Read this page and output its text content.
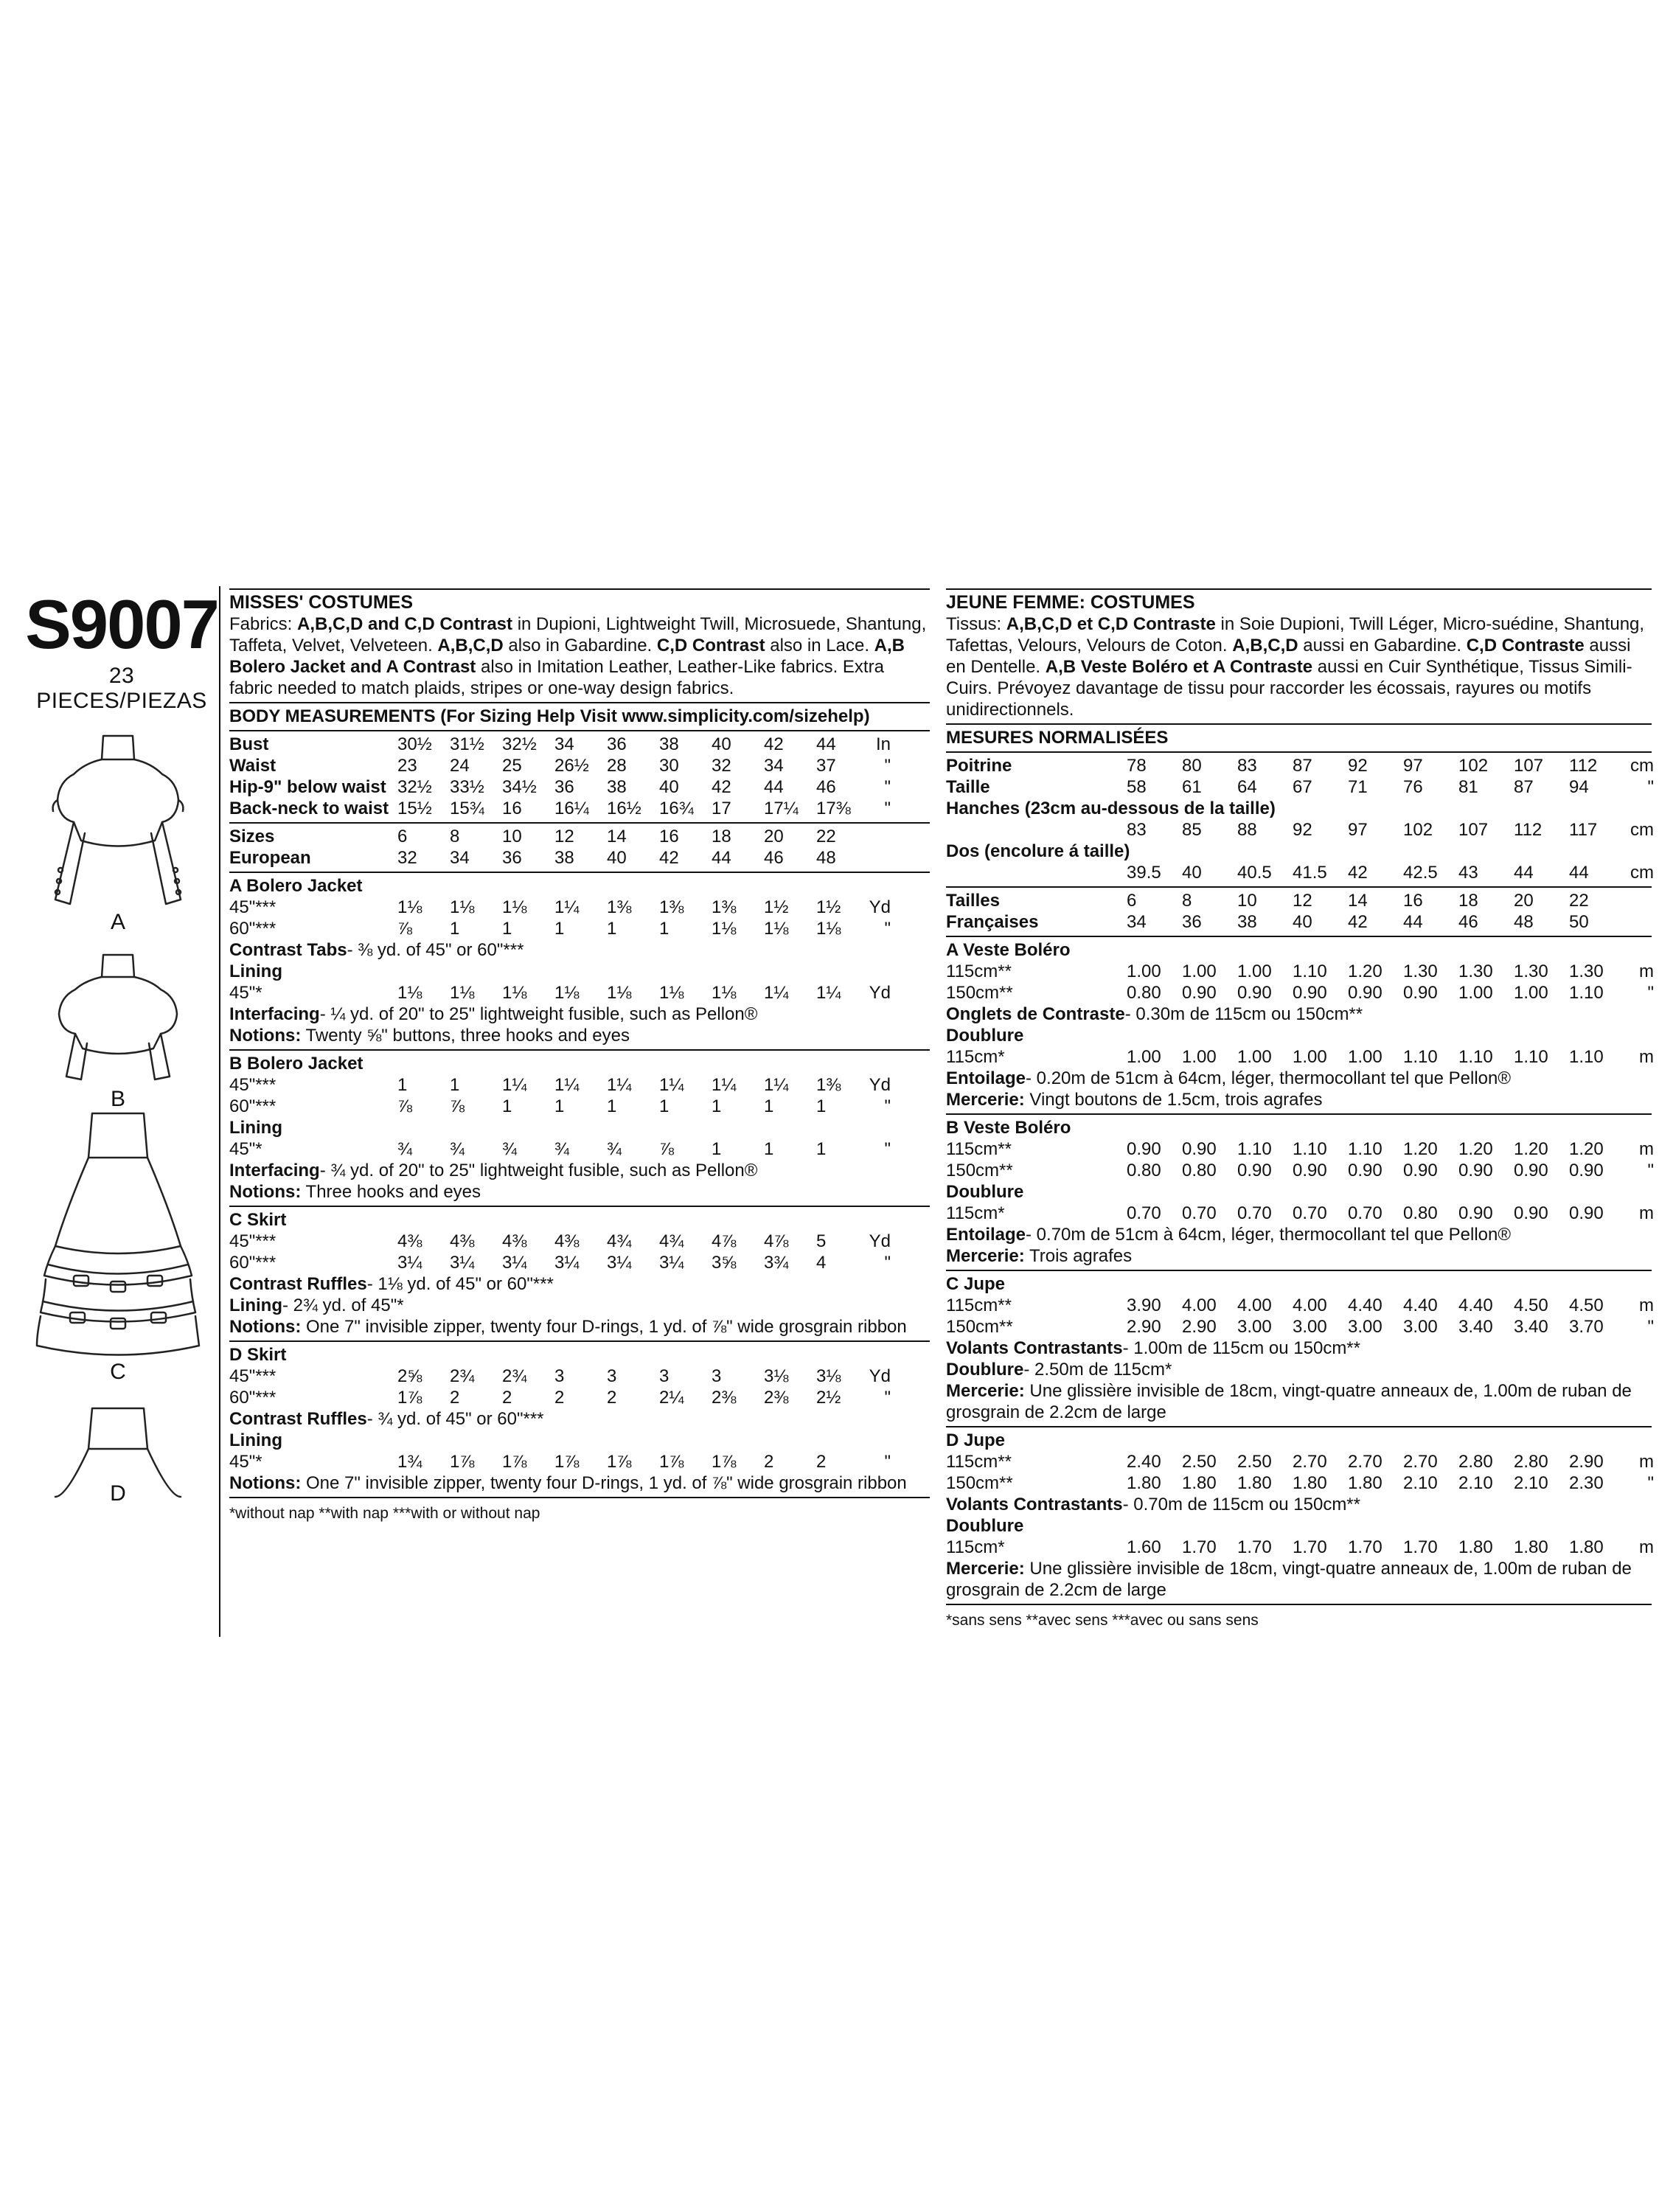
S9007
23 PIECES/PIEZAS
A
B
C
D
MISSES' COSTUMES
Fabrics: A,B,C,D and C,D Contrast in Dupioni, Lightweight Twill, Microsuede, Shantung, Taffeta, Velvet, Velveteen. A,B,C,D also in Gabardine. C,D Contrast also in Lace. A,B Bolero Jacket and A Contrast also in Imitation Leather, Leather-Like fabrics. Extra fabric needed to match plaids, stripes or one-way design fabrics.
BODY MEASUREMENTS (For Sizing Help Visit www.simplicity.com/sizehelp)
Bust	30½	31½	32½	34	36	38	40	42	44	In
Waist	23	24	25	26½	28	30	32	34	37	"
Hip-9" below waist 32½	33½	34½	36	38	40	42	44	46	"
Back-neck to waist 15½	15¾	16	16¼	16½	16¾	17	17¼	17⅜	"
Sizes	6	8	10	12	14	16	18	20	22
European	32	34	36	38	40	42	44	46	48
A Bolero Jacket
45"***	1⅛	1⅛	1⅛	1¼	1⅜	1⅜	1⅜	1½	1½	Yd
60"***	⅞	1	1	1	1	1	1⅛	1⅛	1⅛	"
Contrast Tabs- ⅜ yd. of 45" or 60"***
Lining
45"*	1⅛	1⅛	1⅛	1⅛	1⅛	1⅛	1⅛	1¼	1¼	Yd
Interfacing- ¼ yd. of 20" to 25" lightweight fusible, such as Pellon®
Notions: Twenty ⅝" buttons, three hooks and eyes
B Bolero Jacket
45"***	1	1	1¼	1¼	1¼	1¼	1¼	1¼	1⅜	Yd
60"***	⅞	⅞	1	1	1	1	1	1	1	"
Lining
45"*	¾	¾	¾	¾	¾	⅞	1	1	1	"
Interfacing- ¾ yd. of 20" to 25" lightweight fusible, such as Pellon®
Notions: Three hooks and eyes
C Skirt
45"***	4⅜	4⅜	4⅜	4⅜	4¾	4¾	4⅞	4⅞	5	Yd
60"***	3¼	3¼	3¼	3¼	3¼	3¼	3⅝	3¾	4	"
Contrast Ruffles- 1⅛ yd. of 45" or 60"***
Lining- 2¾ yd. of 45"*
Notions: One 7" invisible zipper, twenty four D-rings, 1 yd. of ⅞" wide grosgrain ribbon
D Skirt
45"***	2⅝	2¾	2¾	3	3	3	3	3⅛	3⅛	Yd
60"***	1⅞	2	2	2	2	2¼	2⅜	2⅜	2½	"
Contrast Ruffles- ¾ yd. of 45" or 60"***
Lining
45"*	1¾	1⅞	1⅞	1⅞	1⅞	1⅞	1⅞	2	2	"
Notions: One 7" invisible zipper, twenty four D-rings, 1 yd. of ⅞" wide grosgrain ribbon
*without nap **with nap ***with or without nap
JEUNE FEMME: COSTUMES
Tissus: A,B,C,D et C,D Contraste in Soie Dupioni, Twill Léger, Micro-suédine, Shantung, Tafettas, Velours, Velours de Coton. A,B,C,D aussi en Gabardine. C,D Contraste aussi en Dentelle. A,B Veste Boléro et A Contraste aussi en Cuir Synthétique, Tissus Simili-Cuirs. Prévoyez davantage de tissu pour raccorder les écossais, rayures ou motifs unidirectionnels.
MESURES NORMALISÉES
Poitrine	78	80	83	87	92	97	102	107	112	cm
Taille	58	61	64	67	71	76	81	87	94	"
Hanches (23cm au-dessous de la taille)
83	85	88	92	97	102	107	112	117	cm
Dos (encolure á taille)
39.5	40	40.5	41.5	42	42.5	43	44	44	cm
Tailles	6	8	10	12	14	16	18	20	22
Françaises	34	36	38	40	42	44	46	48	50
A Veste Boléro
115cm**	1.00	1.00	1.00	1.10	1.20	1.30	1.30	1.30	1.30	m
150cm**	0.80	0.90	0.90	0.90	0.90	0.90	1.00	1.00	1.10	"
Onglets de Contraste- 0.30m de 115cm ou 150cm**
Doublure
115cm*	1.00	1.00	1.00	1.00	1.00	1.10	1.10	1.10	1.10	m
Entoilage- 0.20m de 51cm à 64cm, léger, thermocollant tel que Pellon®
Mercerie: Vingt boutons de 1.5cm, trois agrafes
B Veste Boléro
115cm**	0.90	0.90	1.10	1.10	1.10	1.20	1.20	1.20	1.20	m
150cm**	0.80	0.80	0.90	0.90	0.90	0.90	0.90	0.90	0.90	"
Doublure
115cm*	0.70	0.70	0.70	0.70	0.70	0.80	0.90	0.90	0.90	m
Entoilage- 0.70m de 51cm à 64cm, léger, thermocollant tel que Pellon®
Mercerie: Trois agrafes
C Jupe
115cm**	3.90	4.00	4.00	4.00	4.40	4.40	4.40	4.50	4.50	m
150cm**	2.90	2.90	3.00	3.00	3.00	3.00	3.40	3.40	3.70	"
Volants Contrastants- 1.00m de 115cm ou 150cm**
Doublure- 2.50m de 115cm*
Mercerie: Une glissière invisible de 18cm, vingt-quatre anneaux de, 1.00m de ruban de grosgrain de 2.2cm de large
D Jupe
115cm**	2.40	2.50	2.50	2.70	2.70	2.70	2.80	2.80	2.90	m
150cm**	1.80	1.80	1.80	1.80	1.80	2.10	2.10	2.10	2.30	"
Volants Contrastants- 0.70m de 115cm ou 150cm**
Doublure
115cm*	1.60	1.70	1.70	1.70	1.70	1.70	1.80	1.80	1.80	m
Mercerie: Une glissière invisible de 18cm, vingt-quatre anneaux de, 1.00m de ruban de grosgrain de 2.2cm de large
*sans sens **avec sens ***avec ou sans sens
